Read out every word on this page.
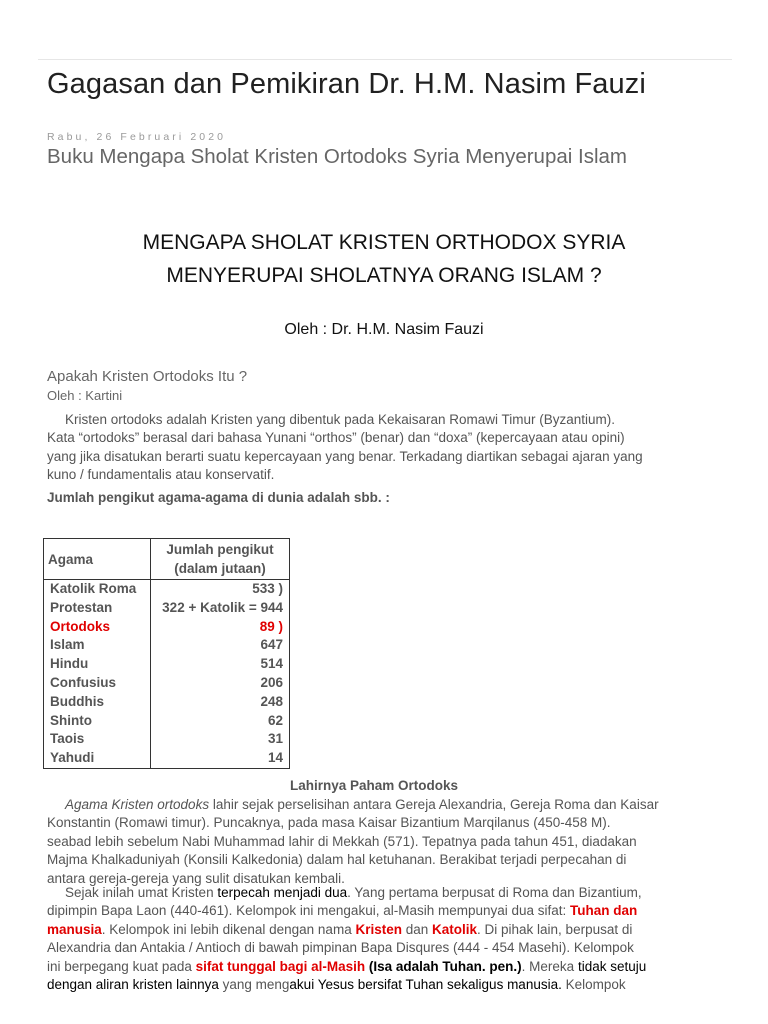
Gagasan dan Pemikiran Dr. H.M. Nasim Fauzi
Rabu, 26 Februari 2020
Buku Mengapa Sholat Kristen Ortodoks Syria Menyerupai Islam
MENGAPA SHOLAT KRISTEN ORTHODOX SYRIA
MENYERUPAI SHOLATNYA ORANG ISLAM ?
Oleh : Dr. H.M. Nasim Fauzi
Apakah Kristen Ortodoks Itu ?
Oleh : Kartini
Kristen ortodoks adalah Kristen yang dibentuk pada Kekaisaran Romawi Timur (Byzantium).
Kata “ortodoks” berasal dari bahasa Yunani “orthos” (benar) dan “doxa” (kepercayaan atau opini)
yang jika disatukan berarti suatu kepercayaan yang benar. Terkadang diartikan sebagai ajaran yang
kuno / fundamentalis atau konservatif.
Jumlah pengikut agama-agama di dunia adalah sbb. :
Agama	Jumlah pengikut
(dalam jutaan)

Katolik Roma	533 )
Protestan	322 + Katolik = 944
Ortodoks	89 )
Islam	647
Hindu	514
Confusius	206
Buddhis	248
Shinto	62
Taois	31
Yahudi	14
Lahirnya Paham Ortodoks
Agama Kristen ortodoks lahir sejak perselisihan antara Gereja Alexandria, Gereja Roma dan Kaisar
Konstantin (Romawi timur). Puncaknya, pada masa Kaisar Bizantium Marqilanus (450-458 M).
seabad lebih sebelum Nabi Muhammad lahir di Mekkah (571). Tepatnya pada tahun 451, diadakan
Majma Khalkaduniyah (Konsili Kalkedonia) dalam hal ketuhanan. Berakibat terjadi perpecahan di
antara gereja-gereja yang sulit disatukan kembali.
Sejak inilah umat Kristen terpecah menjadi dua. Yang pertama berpusat di Roma dan Bizantium,
dipimpin Bapa Laon (440-461). Kelompok ini mengakui, al-Masih mempunyai dua sifat: Tuhan dan
manusia. Kelompok ini lebih dikenal dengan nama Kristen dan Katolik. Di pihak lain, berpusat di
Alexandria dan Antakia / Antioch di bawah pimpinan Bapa Disqures (444 - 454 Masehi). Kelompok
ini berpegang kuat pada sifat tunggal bagi al-Masih (Isa adalah Tuhan. pen.). Mereka tidak setuju
dengan aliran kristen lainnya yang mengakui Yesus bersifat Tuhan sekaligus manusia. Kelompok
